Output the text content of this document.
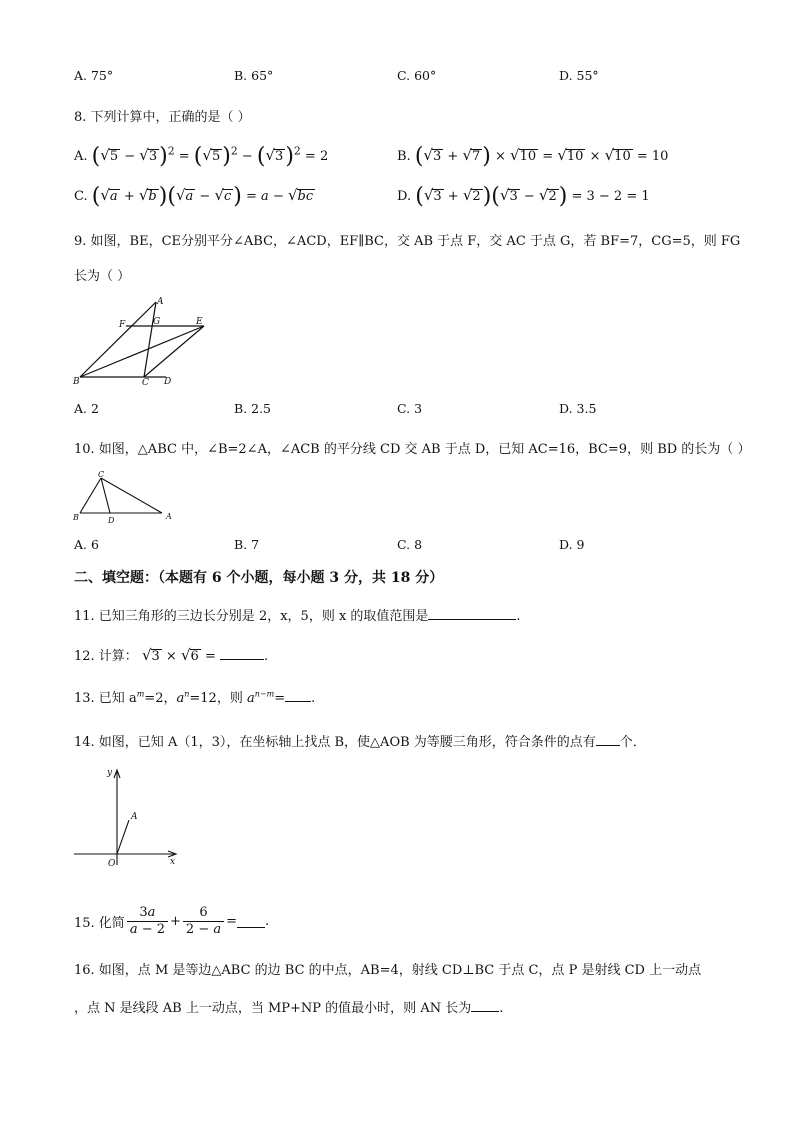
A. 75°	B. 65°	C. 60°	D. 55°
8. 下列计算中，正确的是（ ）
A. $(√5 - √3)^2 = (√5)^2 - (√3)^2 = 2$	B. (√3 + √7) × √10 = √10 × √10 = 10
C. (√a + √b)(√a − √c) = a − √bc	D. (√3 + √2)(√3 − √2) = 3 − 2 = 1
9. 如图，BE，CE分别平分∠ABC，∠ACD，EF∥BC，交 AB 于点 F，交 AC 于点 G，若 BF=7，CG=5，则 FG
长为（ ）
A
F	G	E
B	C D
A. 2	B. 2.5	C. 3	D. 3.5
10. 如图，△ABC 中，∠B=2∠A，∠ACB 的平分线 CD 交 AB 于点 D，已知 AC=16，BC=9，则 BD 的长为（ ）
C
B	D	A
A. 6	B. 7	C. 8	D. 9
二、填空题：（本题有 6 个小题，每小题 3 分，共 18 分）
11. 已知三角形的三边长分别是 2，x，5，则 x 的取值范围是	.
12. 计算： √3 × √6 =	.
13. 已知 $a^m=2$，$a^n=12$，则 $a^{n-m}=$ .
14. 如图，已知 A（1，3），在坐标轴上找点 B，使△AOB 为等腰三角形，符合条件的点有 个．
y
A
O	x
15. 化简 $\frac{3a}{a - 2} + \frac{6}{2 - a}$ = .
16. 如图，点 M 是等边△ABC 的边 BC 的中点，AB=4，射线 CD⊥BC 于点 C，点 P 是射线 CD 上一动点
，点 N 是线段 AB 上一动点，当 MP+NP 的值最小时，则 AN 长为 .
